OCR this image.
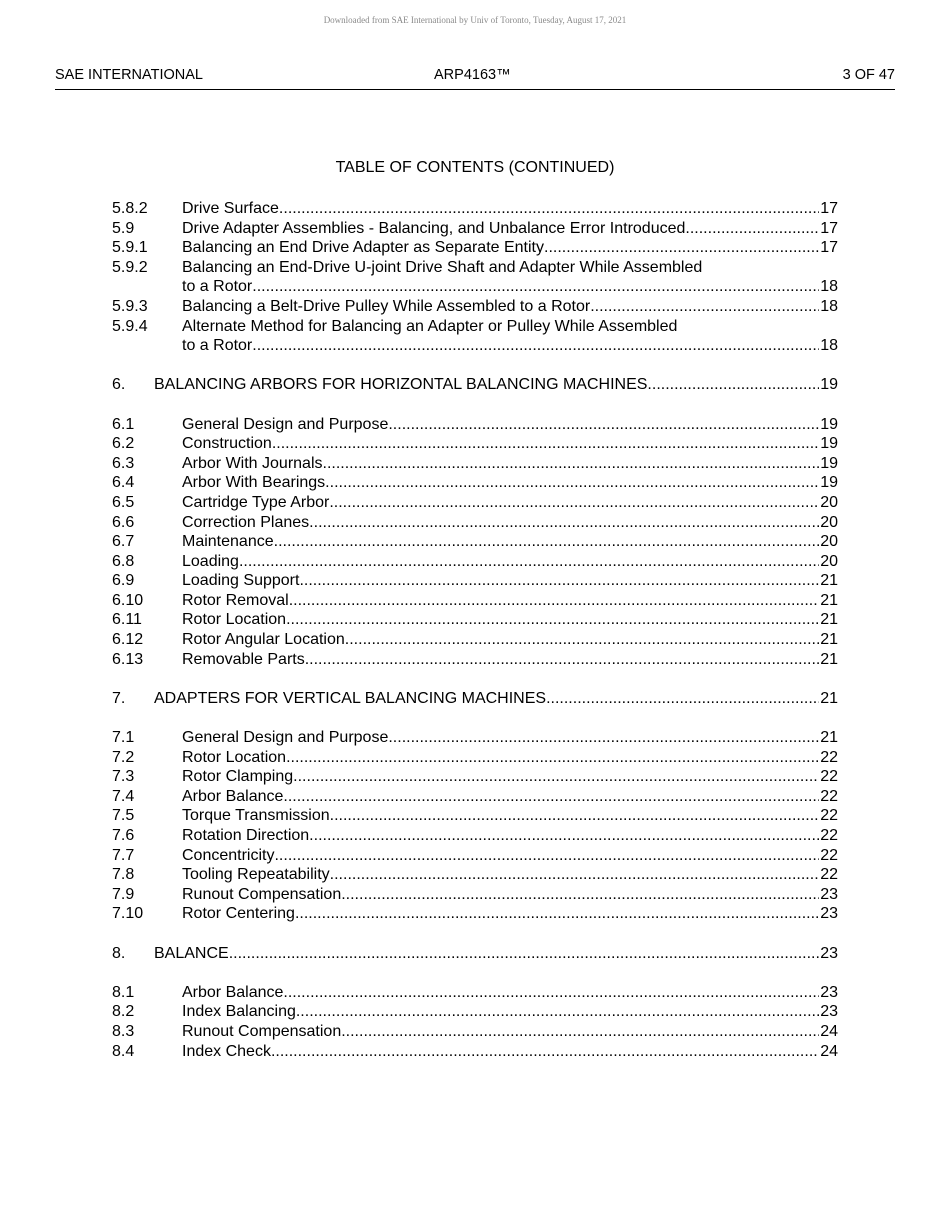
Downloaded from SAE International by Univ of Toronto, Tuesday, August 17, 2021
SAE INTERNATIONAL	ARP4163™	3 OF 47
TABLE OF CONTENTS (CONTINUED)
5.8.2 Drive Surface .....	17
5.9	Drive Adapter Assemblies - Balancing, and Unbalance Error Introduced .....	17
5.9.1 Balancing an End Drive Adapter as Separate Entity .....	17
5.9.2 Balancing an End-Drive U-joint Drive Shaft and Adapter While Assembled
to a Rotor .....	18
5.9.3 Balancing a Belt-Drive Pulley While Assembled to a Rotor .....	18
5.9.4 Alternate Method for Balancing an Adapter or Pulley While Assembled
to a Rotor .....	18
6. BALANCING ARBORS FOR HORIZONTAL BALANCING MACHINES .....	19
6.1	General Design and Purpose .....	19
6.2	Construction .....	19
6.3	Arbor With Journals .....	19
6.4	Arbor With Bearings .....	19
6.5	Cartridge Type Arbor .....	20
6.6	Correction Planes .....	20
6.7	Maintenance .....	20
6.8	Loading .....	20
6.9	Loading Support .....	21
6.10 Rotor Removal .....	21
6.11	Rotor Location .....	21
6.12 Rotor Angular Location .....	21
6.13 Removable Parts .....	21
7. ADAPTERS FOR VERTICAL BALANCING MACHINES .....	21
7.1	General Design and Purpose .....	21
7.2	Rotor Location .....	22
7.3	Rotor Clamping .....	22
7.4	Arbor Balance .....	22
7.5	Torque Transmission .....	22
7.6	Rotation Direction .....	22
7.7	Concentricity .....	22
7.8	Tooling Repeatability .....	22
7.9	Runout Compensation .....	23
7.10 Rotor Centering .....	23
8. BALANCE .....	23
8.1	Arbor Balance .....	23
8.2	Index Balancing .....	23
8.3	Runout Compensation .....	24
8.4	Index Check .....	24
